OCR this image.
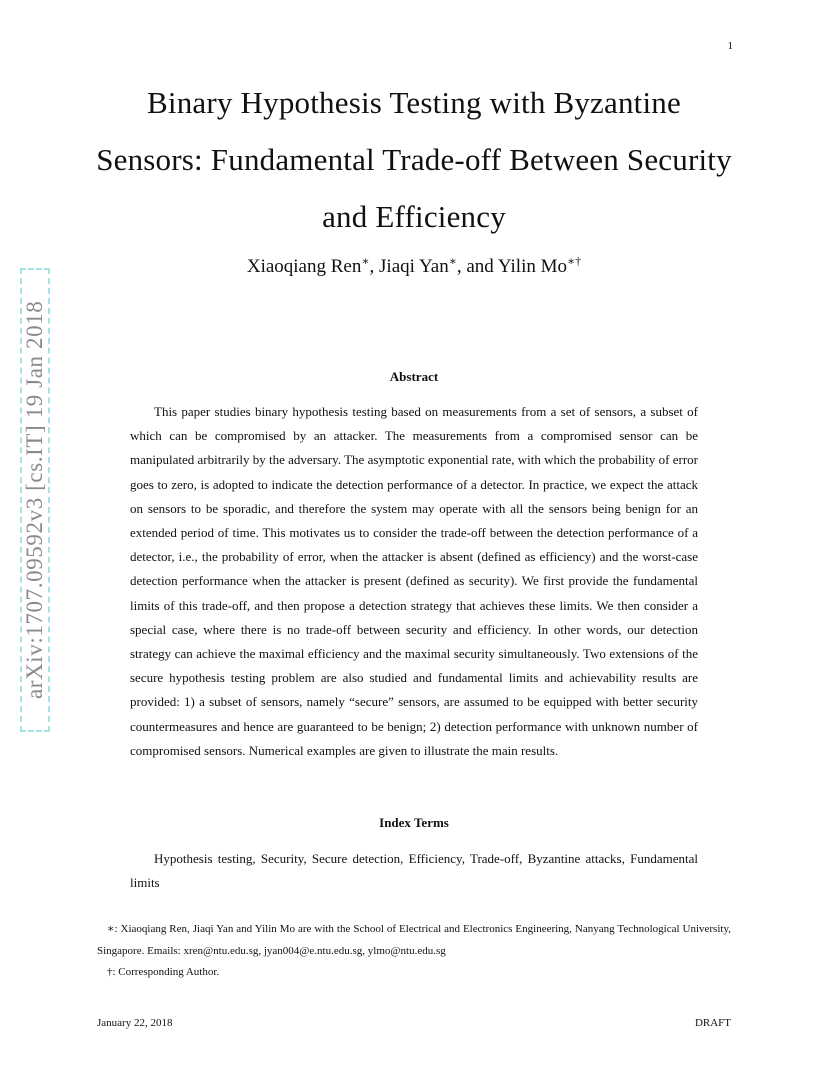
1
arXiv:1707.09592v3 [cs.IT] 19 Jan 2018
Binary Hypothesis Testing with Byzantine Sensors: Fundamental Trade-off Between Security and Efficiency
Xiaoqiang Ren∗, Jiaqi Yan∗, and Yilin Mo∗†
Abstract
This paper studies binary hypothesis testing based on measurements from a set of sensors, a subset of which can be compromised by an attacker. The measurements from a compromised sensor can be manipulated arbitrarily by the adversary. The asymptotic exponential rate, with which the probability of error goes to zero, is adopted to indicate the detection performance of a detector. In practice, we expect the attack on sensors to be sporadic, and therefore the system may operate with all the sensors being benign for an extended period of time. This motivates us to consider the trade-off between the detection performance of a detector, i.e., the probability of error, when the attacker is absent (defined as efficiency) and the worst-case detection performance when the attacker is present (defined as security). We first provide the fundamental limits of this trade-off, and then propose a detection strategy that achieves these limits. We then consider a special case, where there is no trade-off between security and efficiency. In other words, our detection strategy can achieve the maximal efficiency and the maximal security simultaneously. Two extensions of the secure hypothesis testing problem are also studied and fundamental limits and achievability results are provided: 1) a subset of sensors, namely “secure” sensors, are assumed to be equipped with better security countermeasures and hence are guaranteed to be benign; 2) detection performance with unknown number of compromised sensors. Numerical examples are given to illustrate the main results.
Index Terms
Hypothesis testing, Security, Secure detection, Efficiency, Trade-off, Byzantine attacks, Fundamental limits
∗: Xiaoqiang Ren, Jiaqi Yan and Yilin Mo are with the School of Electrical and Electronics Engineering, Nanyang Technological University, Singapore. Emails: xren@ntu.edu.sg, jyan004@e.ntu.edu.sg, ylmo@ntu.edu.sg
†: Corresponding Author.
January 22, 2018	DRAFT
